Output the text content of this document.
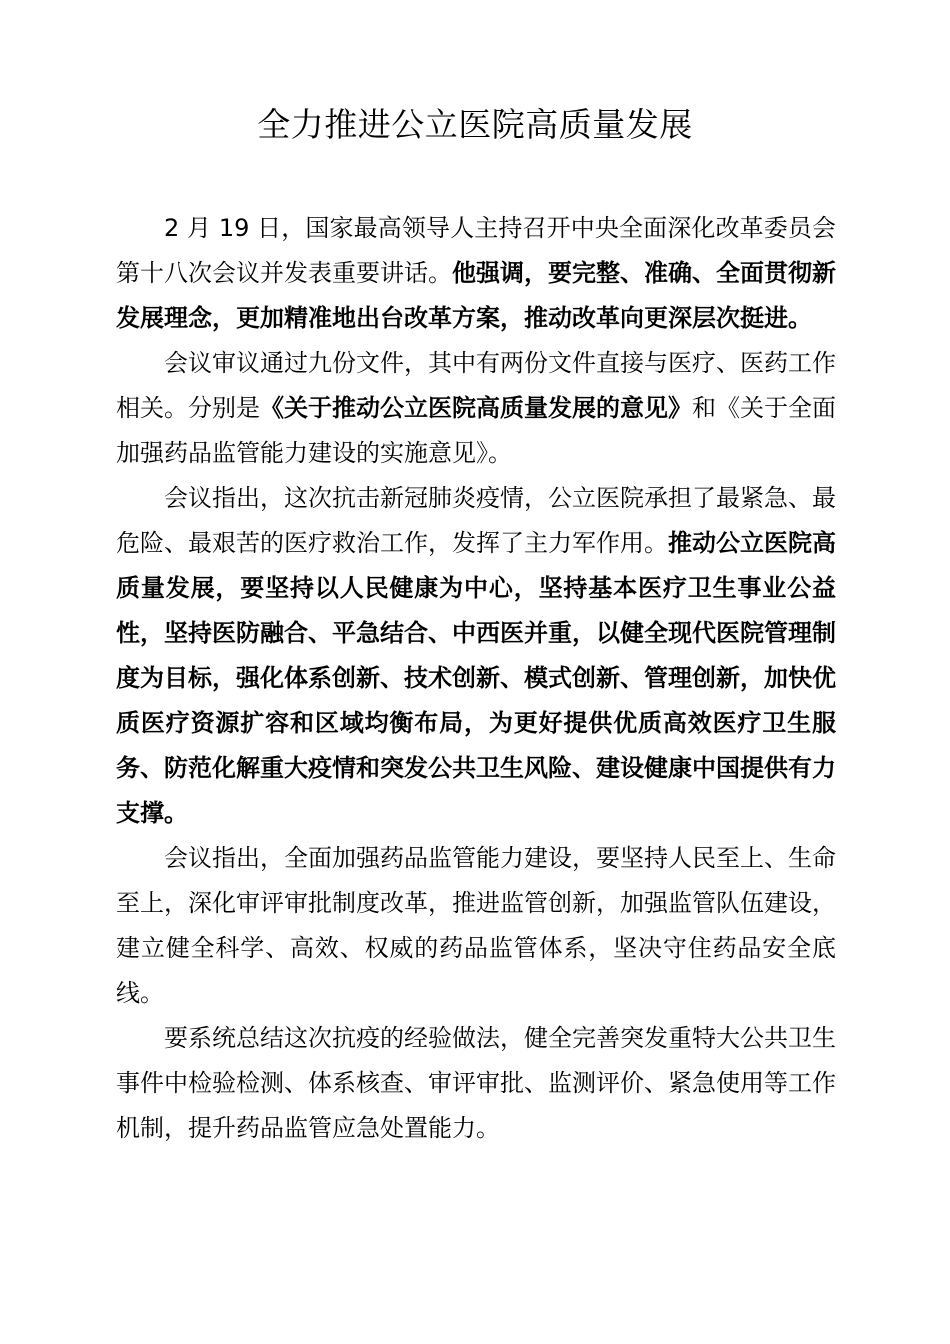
全力推进公立医院高质量发展

2 月 19 日，国家最高领导人主持召开中央全面深化改革委员会第十八次会议并发表重要讲话。他强调，要完整、准确、全面贯彻新发展理念，更加精准地出台改革方案，推动改革向更深层次挺进。

会议审议通过九份文件，其中有两份文件直接与医疗、医药工作相关。分别是《关于推动公立医院高质量发展的意见》和《关于全面加强药品监管能力建设的实施意见》。

会议指出，这次抗击新冠肺炎疫情，公立医院承担了最紧急、最危险、最艰苦的医疗救治工作，发挥了主力军作用。推动公立医院高质量发展，要坚持以人民健康为中心，坚持基本医疗卫生事业公益性，坚持医防融合、平急结合、中西医并重，以健全现代医院管理制度为目标，强化体系创新、技术创新、模式创新、管理创新，加快优质医疗资源扩容和区域均衡布局，为更好提供优质高效医疗卫生服务、防范化解重大疫情和突发公共卫生风险、建设健康中国提供有力支撑。

会议指出，全面加强药品监管能力建设，要坚持人民至上、生命至上，深化审评审批制度改革，推进监管创新，加强监管队伍建设，建立健全科学、高效、权威的药品监管体系，坚决守住药品安全底线。

要系统总结这次抗疫的经验做法，健全完善突发重特大公共卫生事件中检验检测、体系核查、审评审批、监测评价、紧急使用等工作机制，提升药品监管应急处置能力。
